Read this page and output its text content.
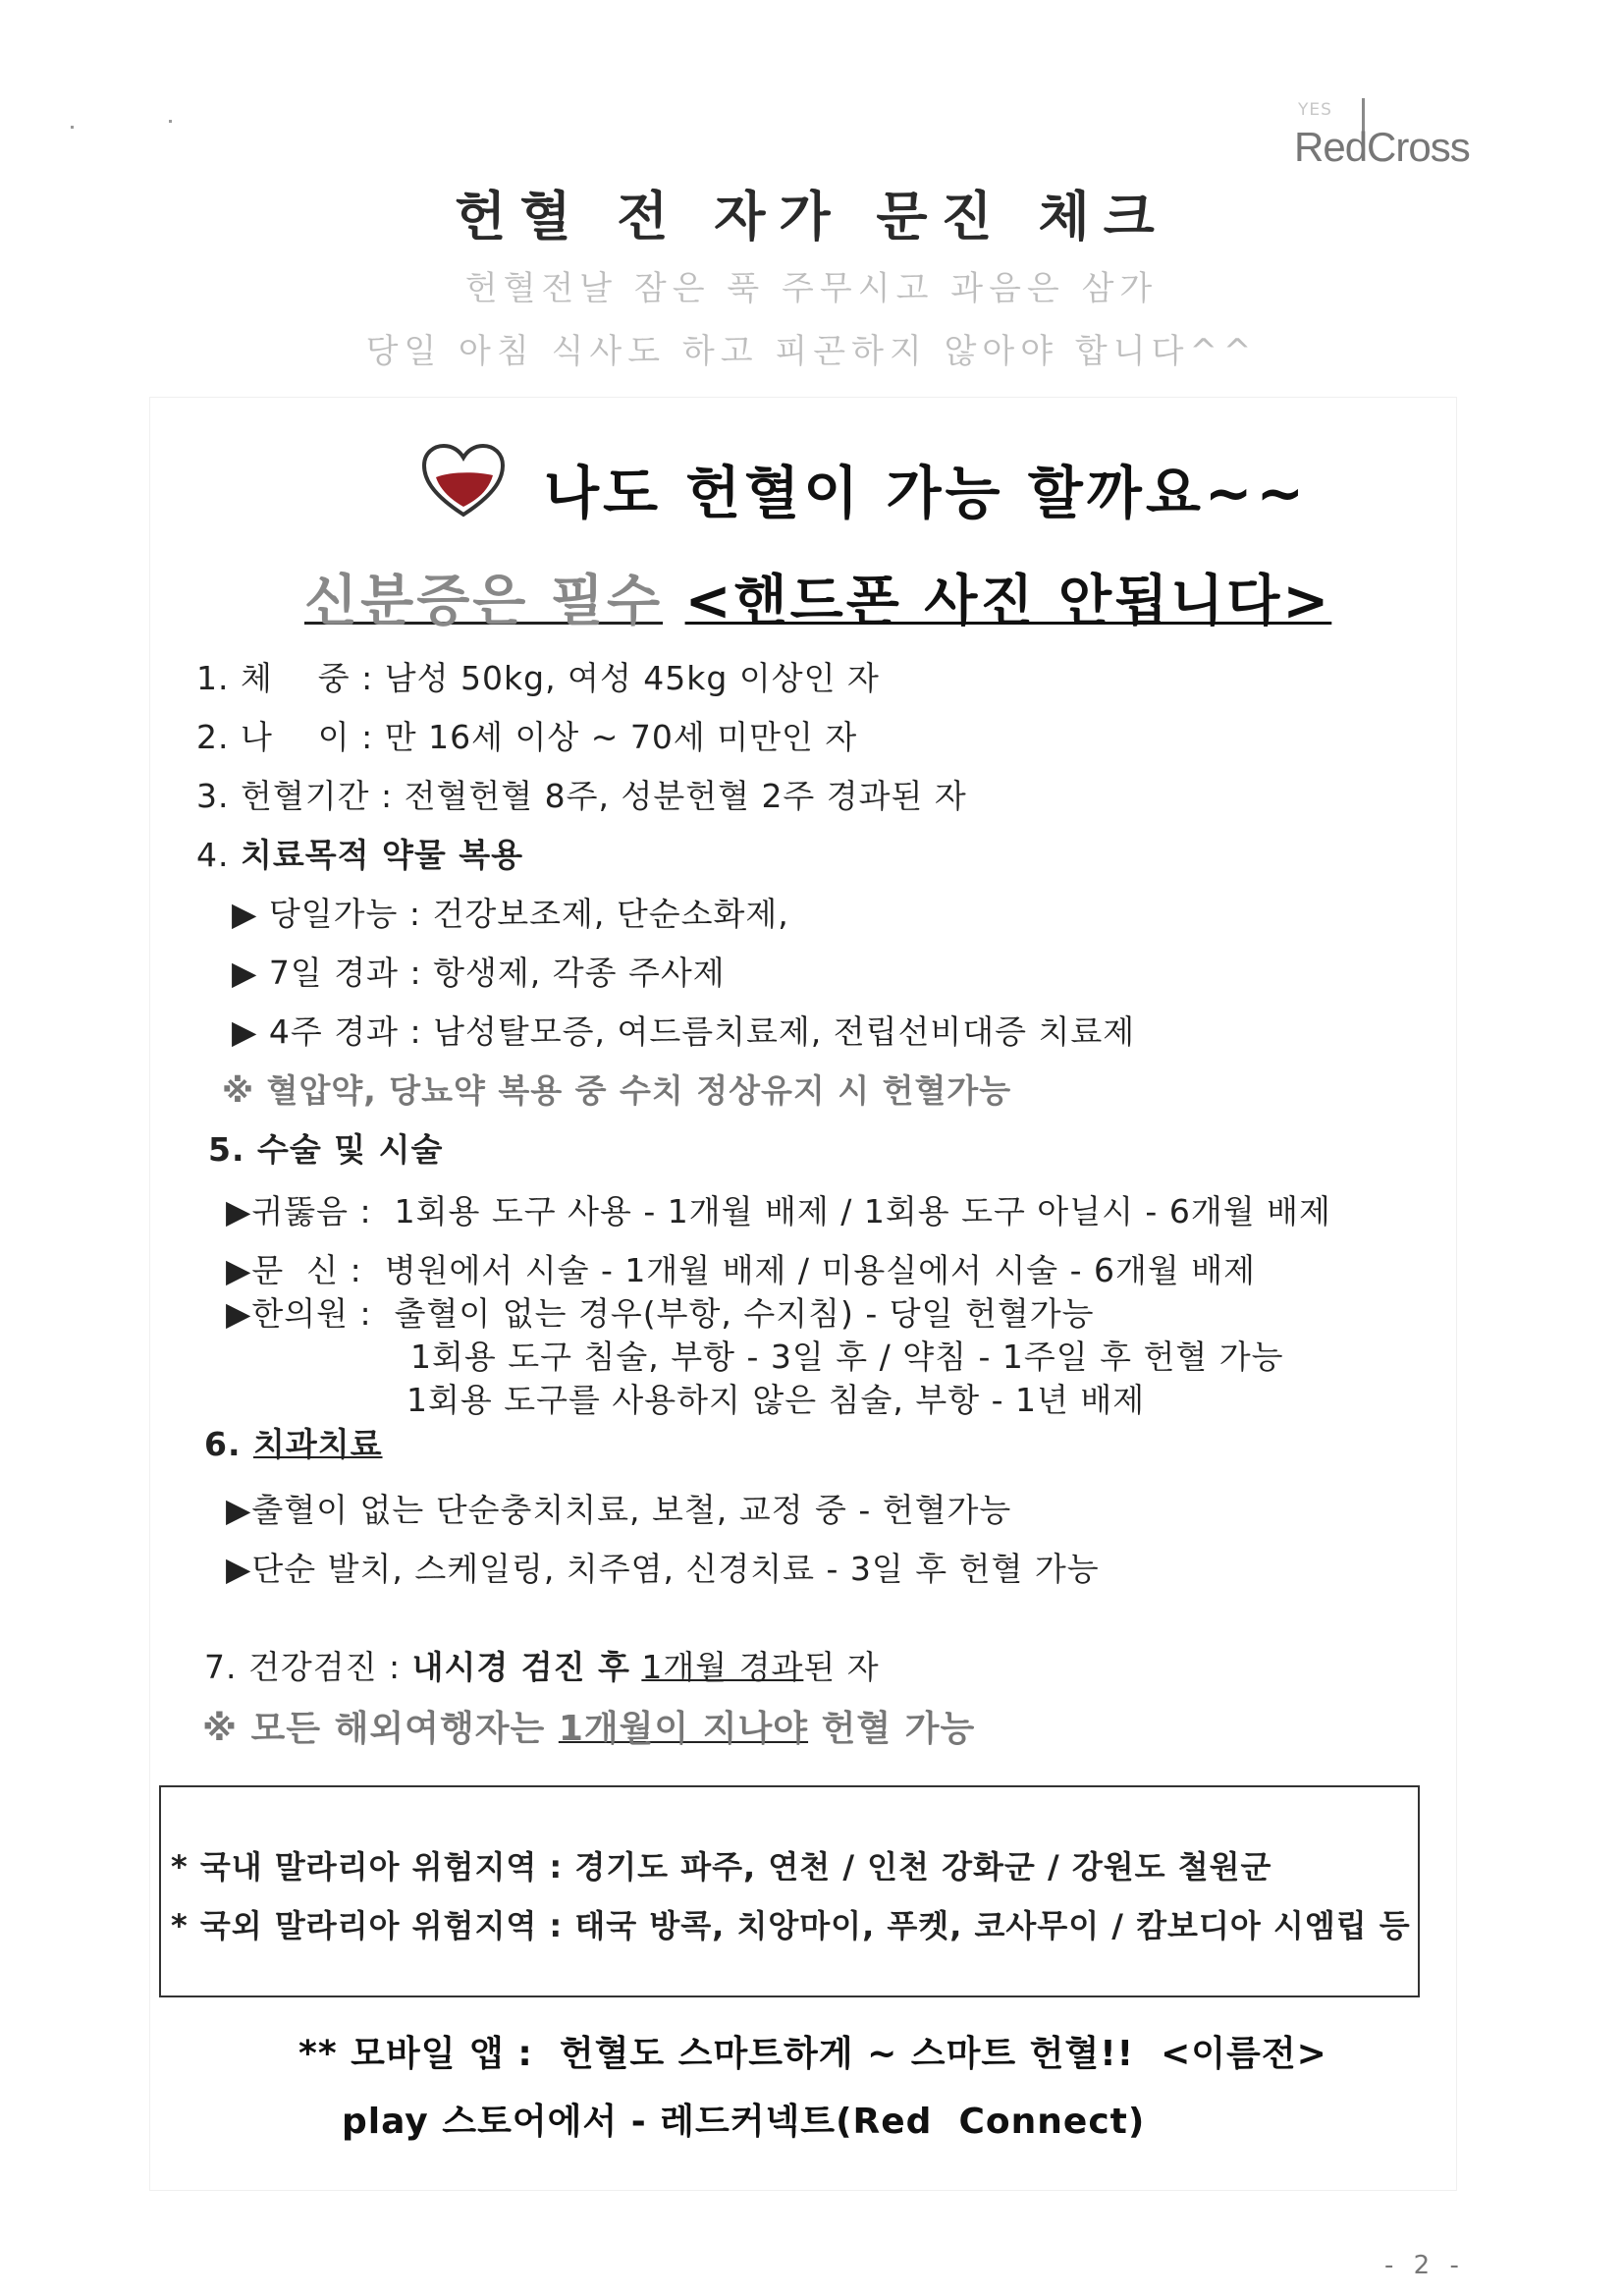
YES
RedCross
헌혈 전 자가 문진 체크
헌혈전날 잠은 푹 주무시고 과음은 삼가
당일 아침 식사도 하고 피곤하지 않아야 합니다^^
나도 헌혈이 가능 할까요~~
신분증은 필수 <핸드폰 사진 안됩니다>
1. 체    중 : 남성 50kg, 여성 45kg 이상인 자
2. 나    이 : 만 16세 이상 ~ 70세 미만인 자
3. 헌혈기간 : 전혈헌혈 8주, 성분헌혈 2주 경과된 자
4. 치료목적 약물 복용
▶ 당일가능 : 건강보조제, 단순소화제,
▶ 7일 경과 : 항생제, 각종 주사제
▶ 4주 경과 : 남성탈모증, 여드름치료제, 전립선비대증 치료제
※ 혈압약, 당뇨약 복용 중 수치 정상유지 시 헌혈가능
5. 수술 및 시술
▶귀뚫음 :  1회용 도구 사용 - 1개월 배제 / 1회용 도구 아닐시 - 6개월 배제
▶문  신 :  병원에서 시술 - 1개월 배제 / 미용실에서 시술 - 6개월 배제
▶한의원 :  출혈이 없는 경우(부항, 수지침) - 당일 헌혈가능
1회용 도구 침술, 부항 - 3일 후 / 약침 - 1주일 후 헌혈 가능
1회용 도구를 사용하지 않은 침술, 부항 - 1년 배제
6. 치과치료
▶출혈이 없는 단순충치치료, 보철, 교정 중 - 헌혈가능
▶단순 발치, 스케일링, 치주염, 신경치료 - 3일 후 헌혈 가능
7. 건강검진 : 내시경 검진 후 1개월 경과된 자
※ 모든 해외여행자는 1개월이 지나야 헌혈 가능
* 국내 말라리아 위험지역 : 경기도 파주, 연천 / 인천 강화군 / 강원도 철원군
* 국외 말라리아 위험지역 : 태국 방콕, 치앙마이, 푸켓, 코사무이 / 캄보디아 시엠립 등
** 모바일 앱 :  헌혈도 스마트하게 ~ 스마트 헌혈!!  <이름전>
play 스토어에서 - 레드커넥트(Red  Connect)
- 2 -
